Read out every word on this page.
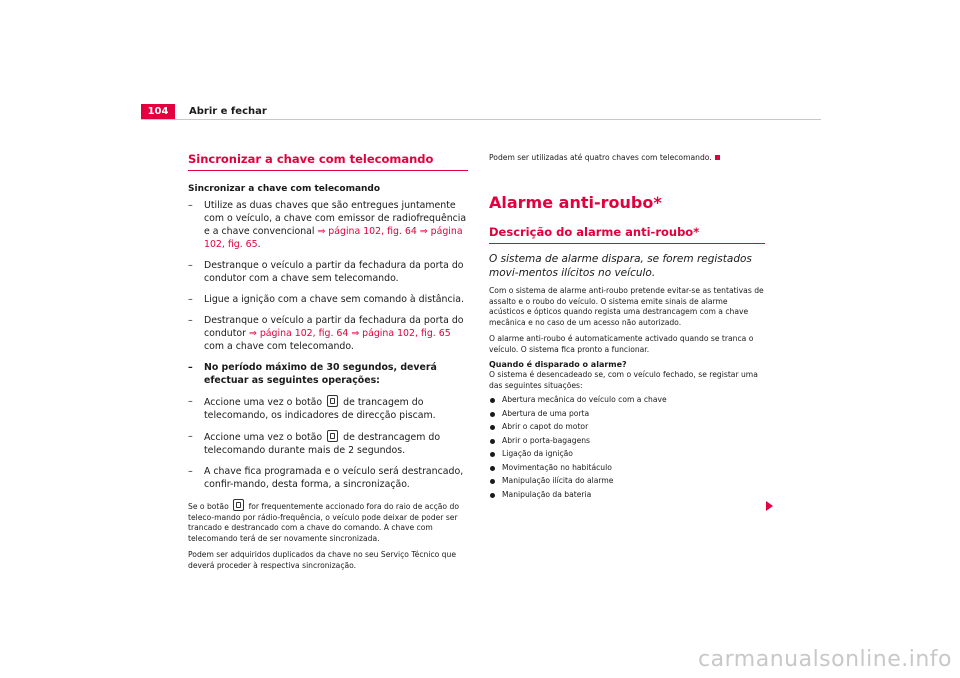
104	Abrir e fechar
Sincronizar a chave com telecomando
Sincronizar a chave com telecomando
– Utilize as duas chaves que são entregues juntamente com o veículo, a chave com emissor de radiofrequência e a chave convencional ⇒ página 102, fig. 64 ⇒ página 102, fig. 65.
– Destranque o veículo a partir da fechadura da porta do condutor com a chave sem telecomando.
– Ligue a ignição com a chave sem comando à distância.
– Destranque o veículo a partir da fechadura da porta do condutor ⇒ página 102, fig. 64 ⇒ página 102, fig. 65 com a chave com telecomando.
– No período máximo de 30 segundos, deverá efectuar as seguintes operações:
– Accione uma vez o botão de trancagem do telecomando, os indicadores de direcção piscam.
– Accione uma vez o botão de destrancagem do telecomando durante mais de 2 segundos.
– A chave fica programada e o veículo será destrancado, confir-mando, desta forma, a sincronização.

Se o botão	for frequentemente accionado fora do raio de acção do teleco-mando por rádio-frequência, o veículo pode deixar de poder ser trancado e destrancado com a chave do comando. A chave com telecomando terá de ser novamente sincronizada.

Podem ser adquiridos duplicados da chave no seu Serviço Técnico que deverá proceder à respectiva sincronização.

Podem ser utilizadas até quatro chaves com telecomando.
Alarme anti-roubo*
Descrição do alarme anti-roubo*
O sistema de alarme dispara, se forem registados movi-mentos ilícitos no veículo.

Com o sistema de alarme anti-roubo pretende evitar-se as tentativas de assalto e o roubo do veículo. O sistema emite sinais de alarme acústicos e ópticos quando regista uma destrancagem com a chave mecânica e no caso de um acesso não autorizado.

O alarme anti-roubo é automaticamente activado quando se tranca o veículo. O sistema fica pronto a funcionar.

Quando é disparado o alarme?

O sistema é desencadeado se, com o veículo fechado, se registar uma das seguintes situações:

Abertura mecânica do veículo com a chave
Abertura de uma porta
Abrir o capot do motor
Abrir o porta-bagagens
Ligação da ignição
Movimentação no habitáculo
Manipulação ilícita do alarme
Manipulação da bateria
carmanualsonline.info
